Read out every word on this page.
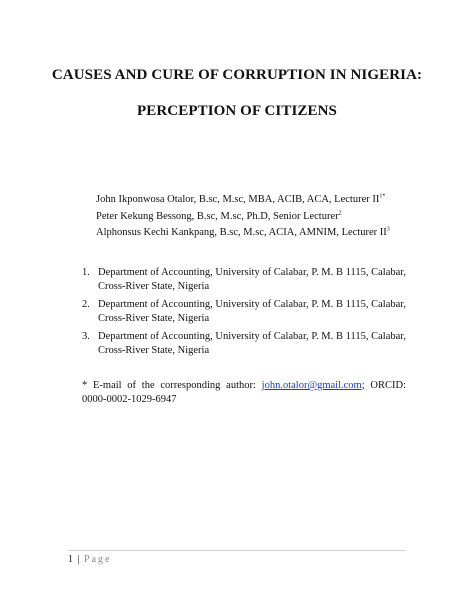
CAUSES AND CURE OF CORRUPTION IN NIGERIA:
PERCEPTION OF CITIZENS
John Ikponwosa Otalor, B.sc, M.sc, MBA, ACIB, ACA, Lecturer $II^{1*}$
Peter Kekung Bessong, B.sc, M.sc, Ph.D, Senior Lecturer$^2$
Alphonsus Kechi Kankpang, B.sc, M.sc, ACIA, AMNIM, Lecturer $II^3$
1. Department of Accounting, University of Calabar, P. M. B 1115, Calabar, Cross-River State, Nigeria
2. Department of Accounting, University of Calabar, P. M. B 1115, Calabar, Cross-River State, Nigeria
3. Department of Accounting, University of Calabar, P. M. B 1115, Calabar, Cross-River State, Nigeria
* E-mail of the corresponding author: john.otalor@gmail.com; ORCID: 0000-0002-1029-6947
1 | Page
